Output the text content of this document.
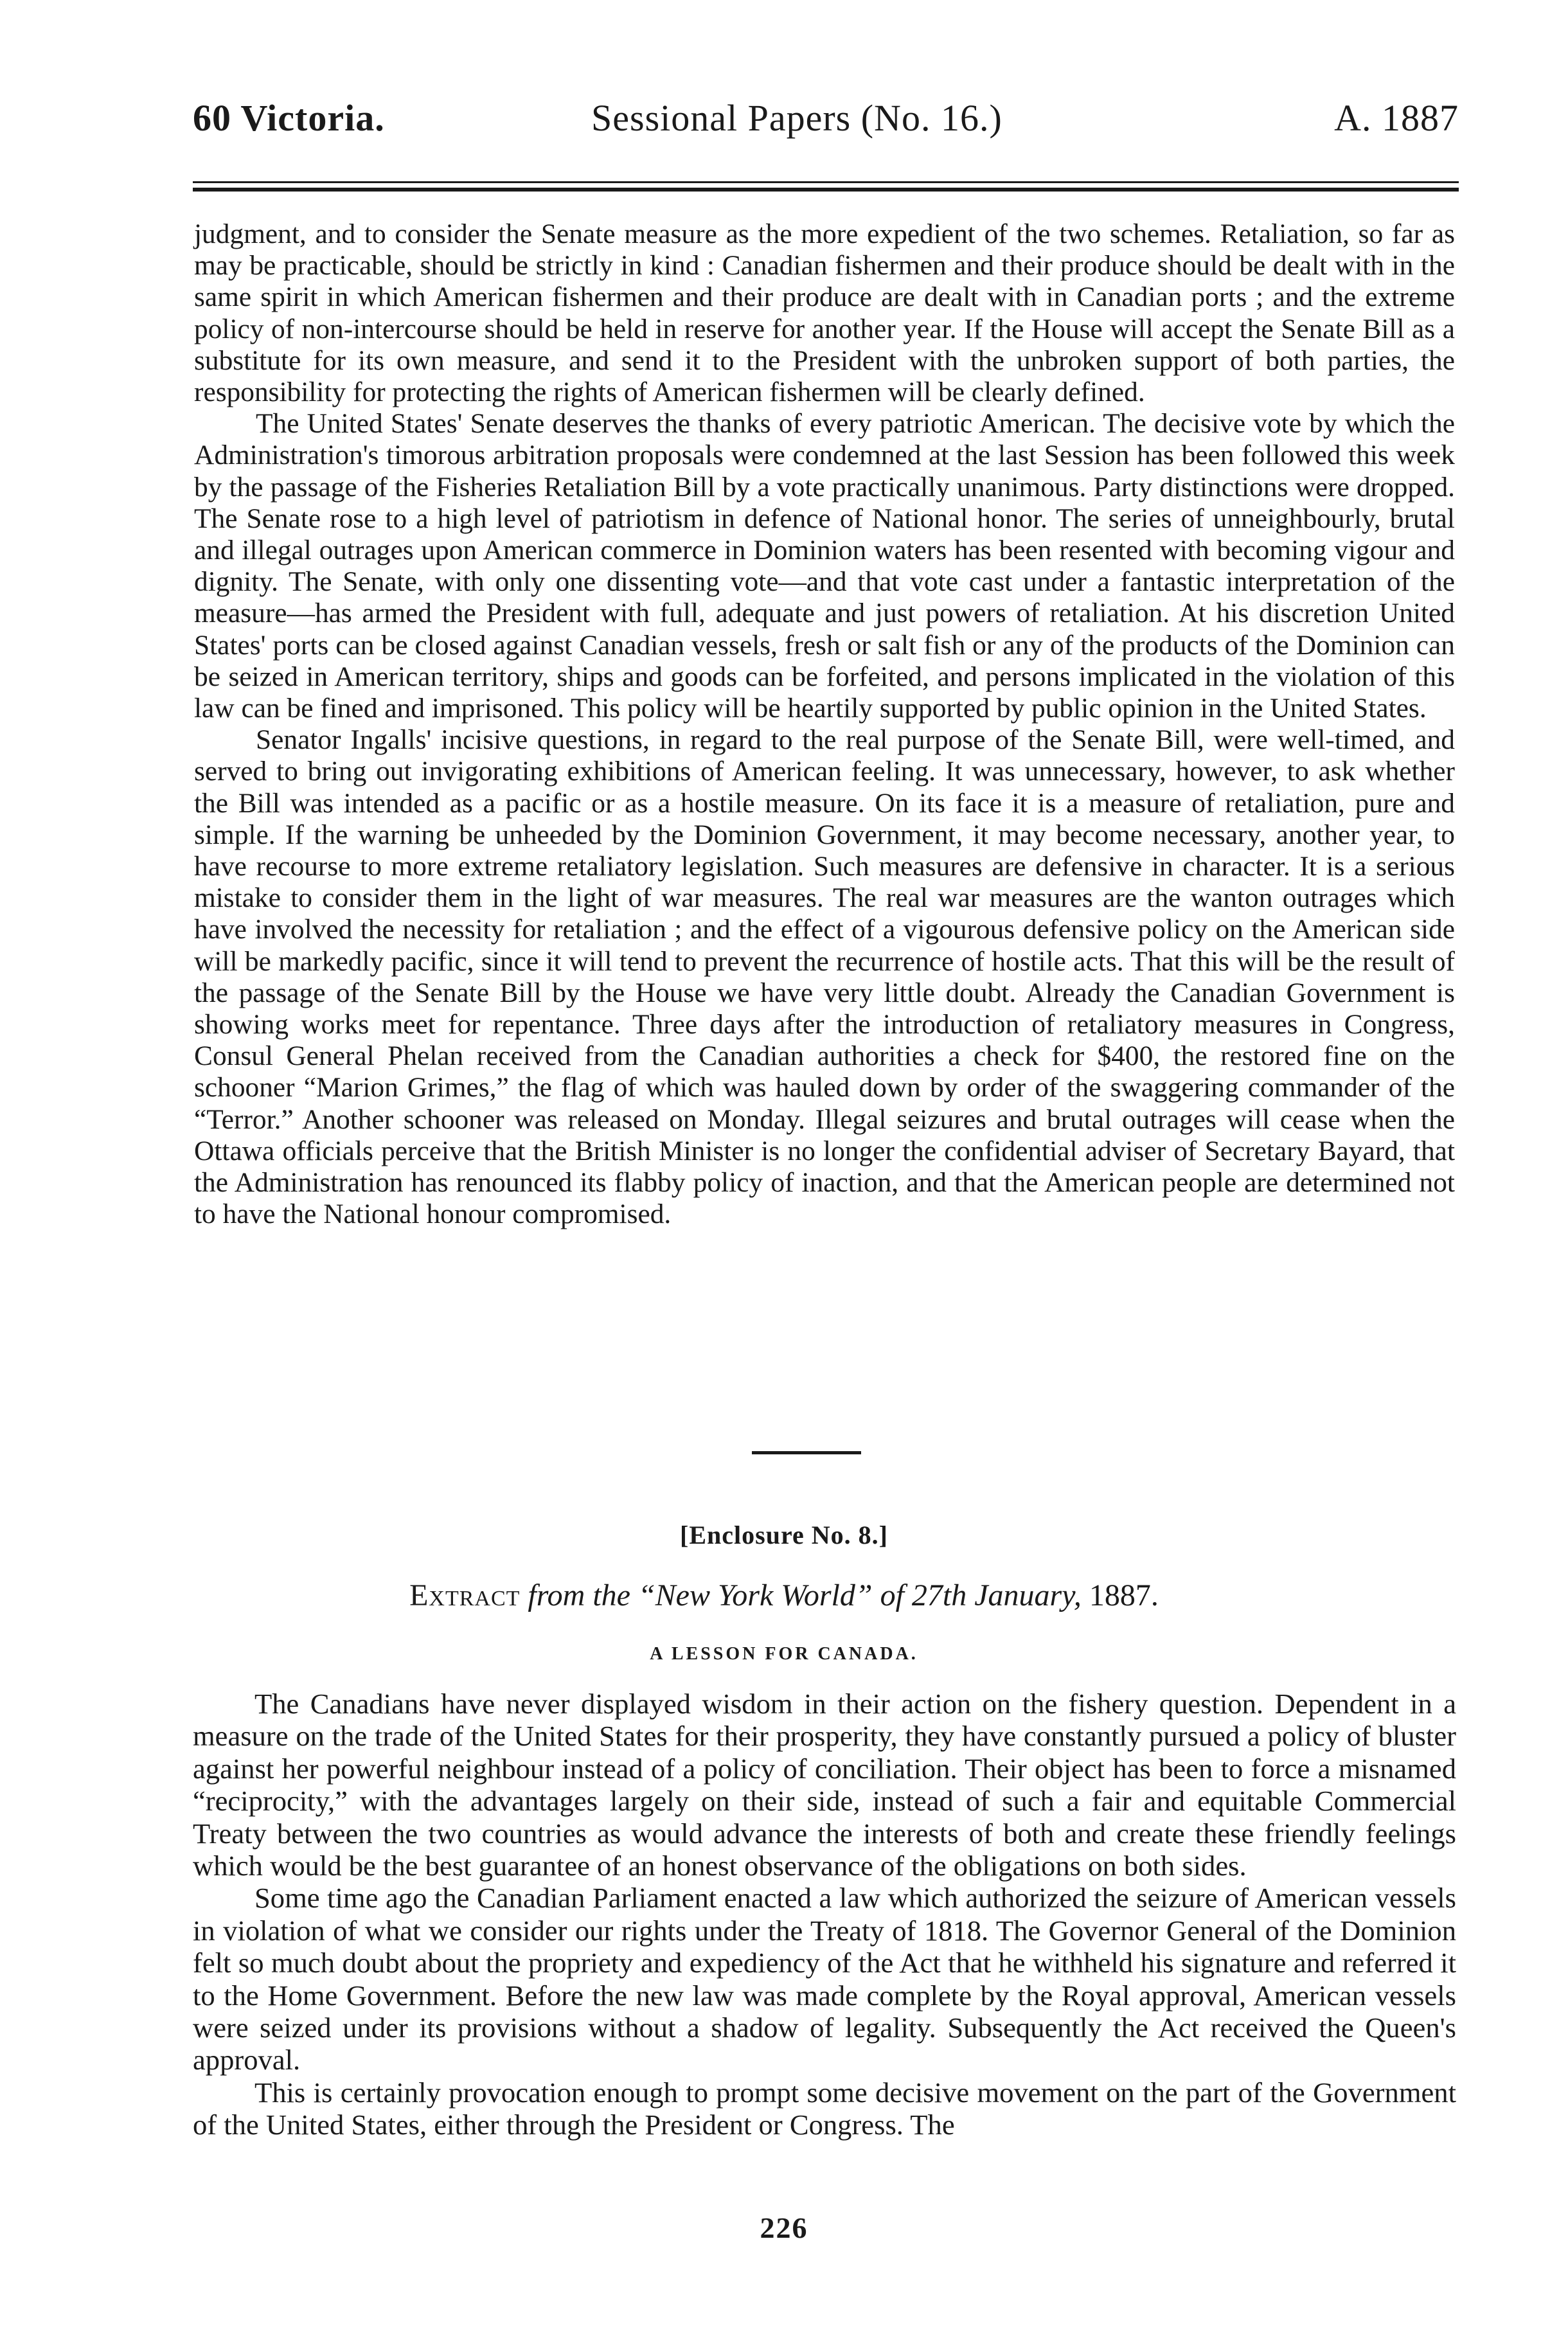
60 Victoria.	Sessional Papers (No. 16.)	A. 1887

judgment, and to consider the Senate measure as the more expedient of the two schemes. Retaliation, so far as may be practicable, should be strictly in kind : Canadian fishermen and their produce should be dealt with in the same spirit in which American fishermen and their produce are dealt with in Canadian ports ; and the extreme policy of non-intercourse should be held in reserve for another year. If the House will accept the Senate Bill as a substitute for its own measure, and send it to the President with the unbroken support of both parties, the responsibility for protecting the rights of American fishermen will be clearly defined.

The United States' Senate deserves the thanks of every patriotic American. The decisive vote by which the Administration's timorous arbitration proposals were condemned at the last Session has been followed this week by the passage of the Fisheries Retaliation Bill by a vote practically unanimous. Party distinctions were dropped. The Senate rose to a high level of patriotism in defence of National honor. The series of unneighbourly, brutal and illegal outrages upon American commerce in Dominion waters has been resented with becoming vigour and dignity. The Senate, with only one dissenting vote—and that vote cast under a fantastic interpretation of the measure—has armed the President with full, adequate and just powers of retaliation. At his discretion United States' ports can be closed against Canadian vessels, fresh or salt fish or any of the products of the Dominion can be seized in American territory, ships and goods can be forfeited, and persons implicated in the violation of this law can be fined and imprisoned. This policy will be heartily supported by public opinion in the United States.

Senator Ingalls' incisive questions, in regard to the real purpose of the Senate Bill, were well-timed, and served to bring out invigorating exhibitions of American feeling. It was unnecessary, however, to ask whether the Bill was intended as a pacific or as a hostile measure. On its face it is a measure of retaliation, pure and simple. If the warning be unheeded by the Dominion Government, it may become necessary, another year, to have recourse to more extreme retaliatory legislation. Such measures are defensive in character. It is a serious mistake to consider them in the light of war measures. The real war measures are the wanton outrages which have involved the necessity for retaliation ; and the effect of a vigourous defensive policy on the American side will be markedly pacific, since it will tend to prevent the recurrence of hostile acts. That this will be the result of the passage of the Senate Bill by the House we have very little doubt. Already the Canadian Government is showing works meet for repentance. Three days after the introduction of retaliatory measures in Congress, Consul General Phelan received from the Canadian authorities a check for $400, the restored fine on the schooner “Marion Grimes,” the flag of which was hauled down by order of the swaggering commander of the “Terror.” Another schooner was released on Monday. Illegal seizures and brutal outrages will cease when the Ottawa officials perceive that the British Minister is no longer the confidential adviser of Secretary Bayard, that the Administration has renounced its flabby policy of inaction, and that the American people are determined not to have the National honour compromised.

[Enclosure No. 8.]
Extract from the “New York World” of 27th January, 1887.
A LESSON FOR CANADA.

The Canadians have never displayed wisdom in their action on the fishery question. Dependent in a measure on the trade of the United States for their prosperity, they have constantly pursued a policy of bluster against her powerful neighbour instead of a policy of conciliation. Their object has been to force a misnamed “reciprocity,” with the advantages largely on their side, instead of such a fair and equitable Commercial Treaty between the two countries as would advance the interests of both and create these friendly feelings which would be the best guarantee of an honest observance of the obligations on both sides.

Some time ago the Canadian Parliament enacted a law which authorized the seizure of American vessels in violation of what we consider our rights under the Treaty of 1818. The Governor General of the Dominion felt so much doubt about the propriety and expediency of the Act that he withheld his signature and referred it to the Home Government. Before the new law was made complete by the Royal approval, American vessels were seized under its provisions without a shadow of legality. Subsequently the Act received the Queen's approval.

This is certainly provocation enough to prompt some decisive movement on the part of the Government of the United States, either through the President or Congress. The

226
